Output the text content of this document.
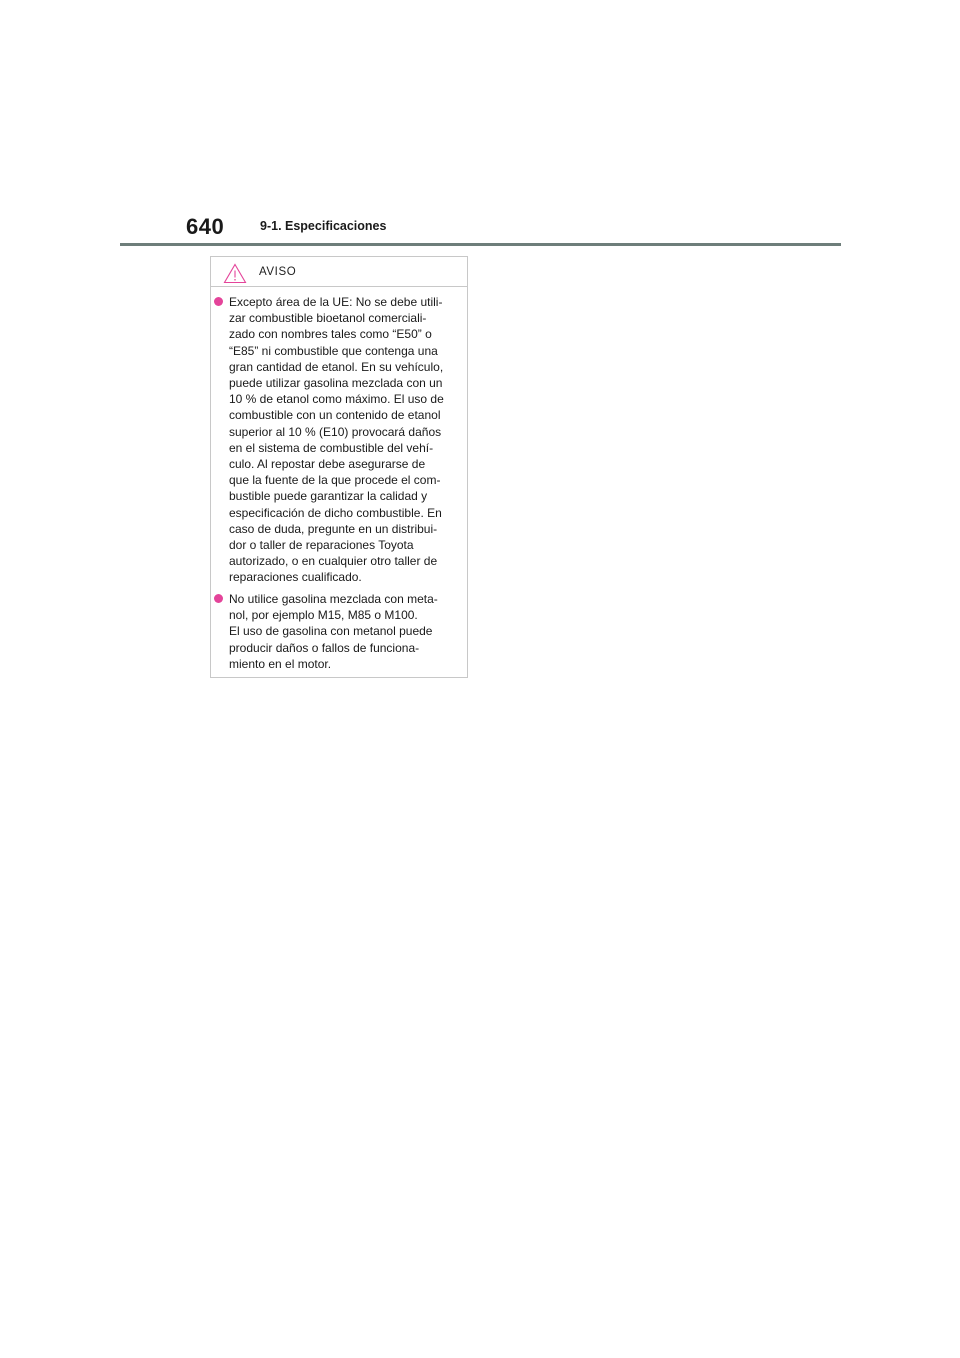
640	9-1. Especificaciones
AVISO
Excepto área de la UE: No se debe utili-
zar combustible bioetanol comerciali-
zado con nombres tales como “E50” o
“E85” ni combustible que contenga una
gran cantidad de etanol. En su vehículo,
puede utilizar gasolina mezclada con un
10 % de etanol como máximo. El uso de
combustible con un contenido de etanol
superior al 10 % (E10) provocará daños
en el sistema de combustible del vehí-
culo. Al repostar debe asegurarse de
que la fuente de la que procede el com-
bustible puede garantizar la calidad y
especificación de dicho combustible. En
caso de duda, pregunte en un distribui-
dor o taller de reparaciones Toyota
autorizado, o en cualquier otro taller de
reparaciones cualificado.
No utilice gasolina mezclada con meta-
nol, por ejemplo M15, M85 o M100.
El uso de gasolina con metanol puede
producir daños o fallos de funciona-
miento en el motor.
